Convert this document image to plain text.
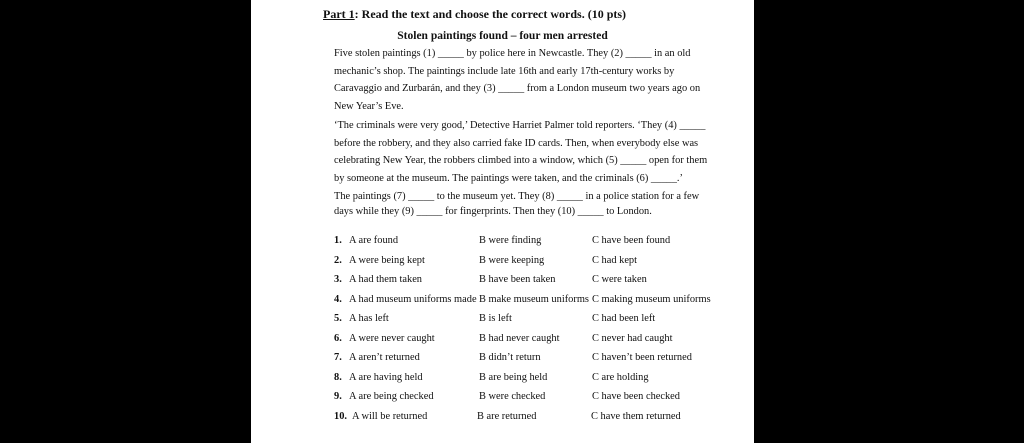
Part 1: Read the text and choose the correct words. (10 pts)
Stolen paintings found – four men arrested
Five stolen paintings (1) _____ by police here in Newcastle. They (2) _____ in an old
mechanic’s shop. The paintings include late 16th and early 17th-century works by
Caravaggio and Zurbarán, and they (3) _____ from a London museum two years ago on
New Year’s Eve.
‘The criminals were very good,’ Detective Harriet Palmer told reporters. ‘They (4) _____
before the robbery, and they also carried fake ID cards. Then, when everybody else was
celebrating New Year, the robbers climbed into a window, which (5) _____ open for them
by someone at the museum. The paintings were taken, and the criminals (6) _____.’
The paintings (7) _____ to the museum yet. They (8) _____ in a police station for a few
days while they (9) _____ for fingerprints. Then they (10) _____ to London.
1. A are found	B were finding	C have been found
2. A were being kept	B were keeping	C had kept
3. A had them taken	B have been taken	C were taken
4. A had museum uniforms made B make museum uniforms C making museum uniforms
5. A has left	B is left	C had been left
6. A were never caught	B had never caught	C never had caught
7. A aren’t returned	B didn’t return	C haven’t been returned
8. A are having held	B are being held	C are holding
9. A are being checked	B were checked	C have been checked
10. A will be returned	B are returned	C have them returned
